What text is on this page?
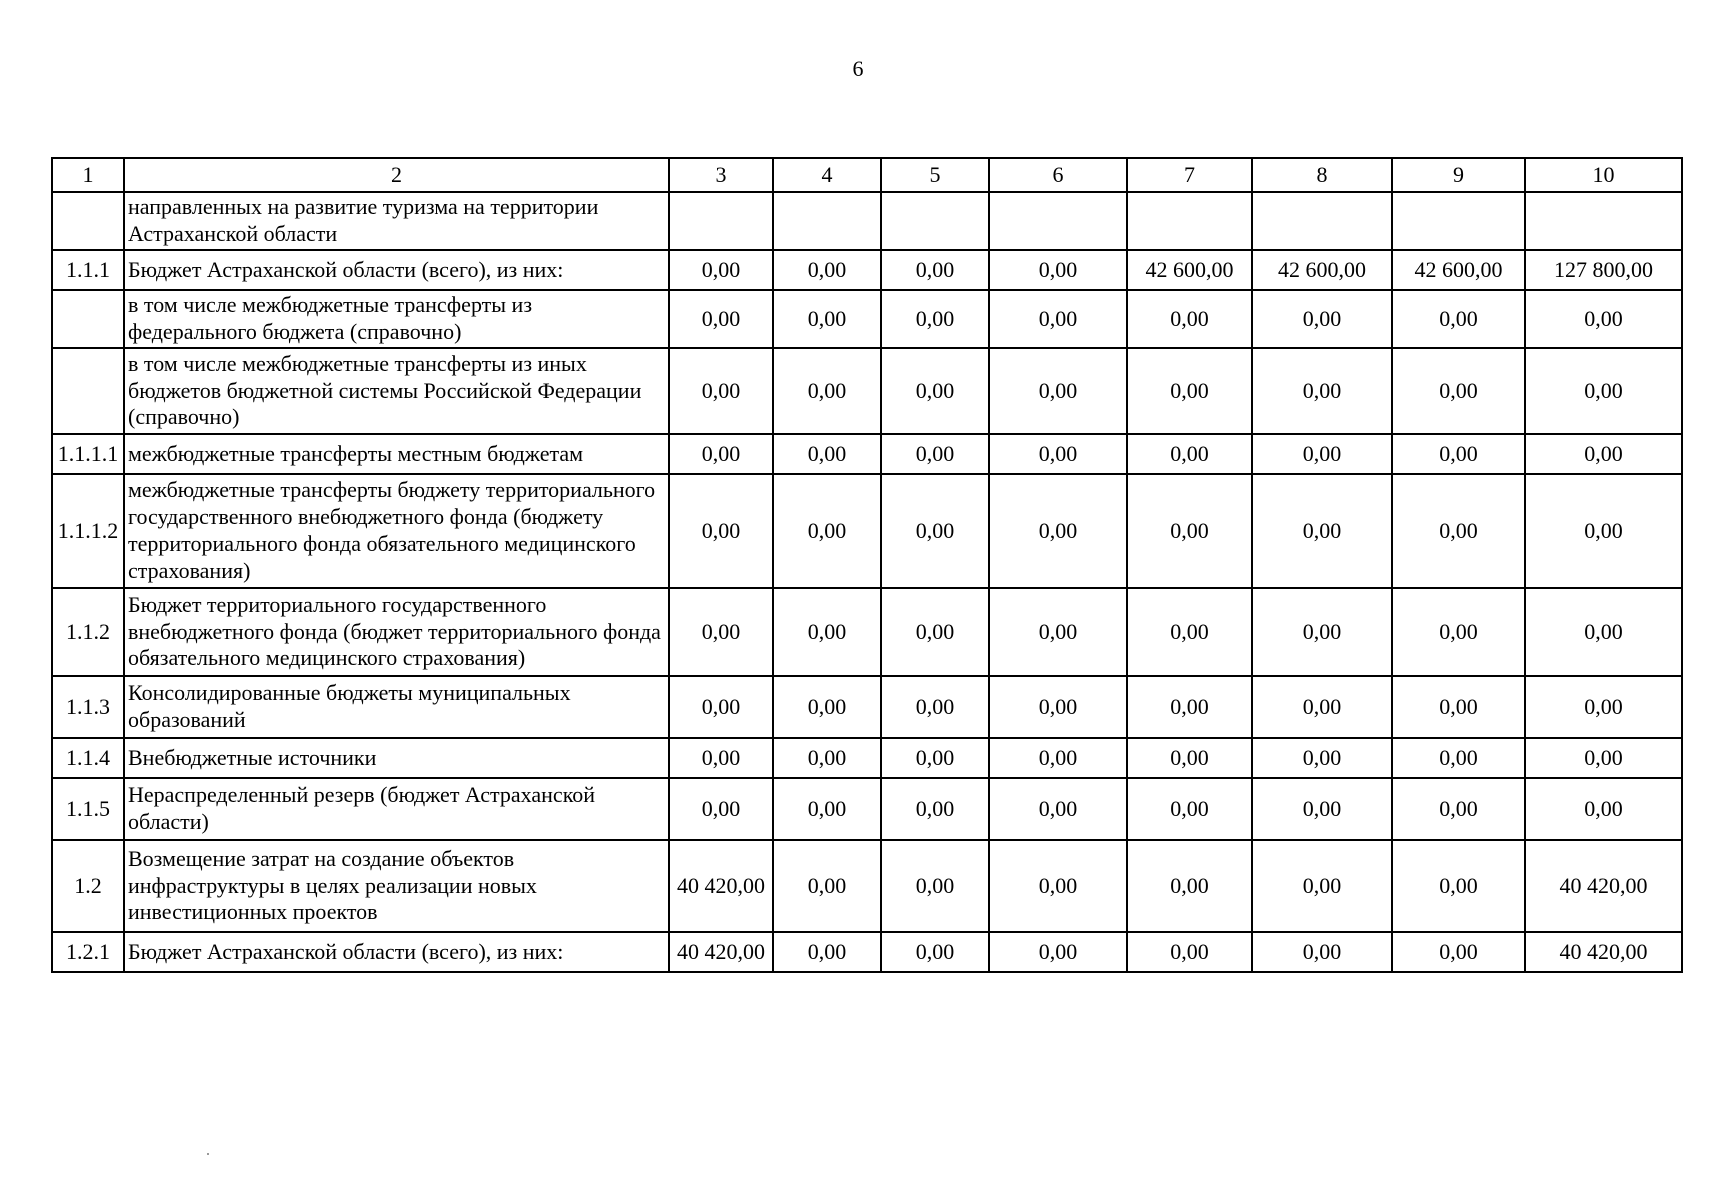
6
1	2	3	4	5	6	7	8	9	10
	направленных на развитие туризма на территории Астраханской области								
1.1.1	Бюджет Астраханской области (всего), из них:	0,00	0,00	0,00	0,00	42 600,00	42 600,00	42 600,00	127 800,00
	в том числе межбюджетные трансферты из федерального бюджета (справочно)	0,00	0,00	0,00	0,00	0,00	0,00	0,00	0,00
	в том числе межбюджетные трансферты из иных бюджетов бюджетной системы Российской Федерации (справочно)	0,00	0,00	0,00	0,00	0,00	0,00	0,00	0,00
1.1.1.1	межбюджетные трансферты местным бюджетам	0,00	0,00	0,00	0,00	0,00	0,00	0,00	0,00
1.1.1.2	межбюджетные трансферты бюджету территориального государственного внебюджетного фонда (бюджету территориального фонда обязательного медицинского страхования)	0,00	0,00	0,00	0,00	0,00	0,00	0,00	0,00
1.1.2	Бюджет территориального государственного внебюджетного фонда (бюджет территориального фонда обязательного медицинского страхования)	0,00	0,00	0,00	0,00	0,00	0,00	0,00	0,00
1.1.3	Консолидированные бюджеты муниципальных образований	0,00	0,00	0,00	0,00	0,00	0,00	0,00	0,00
1.1.4	Внебюджетные источники	0,00	0,00	0,00	0,00	0,00	0,00	0,00	0,00
1.1.5	Нераспределенный резерв (бюджет Астраханской области)	0,00	0,00	0,00	0,00	0,00	0,00	0,00	0,00
1.2	Возмещение затрат на создание объектов инфраструктуры в целях реализации новых инвестиционных проектов	40 420,00	0,00	0,00	0,00	0,00	0,00	0,00	40 420,00
1.2.1	Бюджет Астраханской области (всего), из них:	40 420,00	0,00	0,00	0,00	0,00	0,00	0,00	40 420,00
